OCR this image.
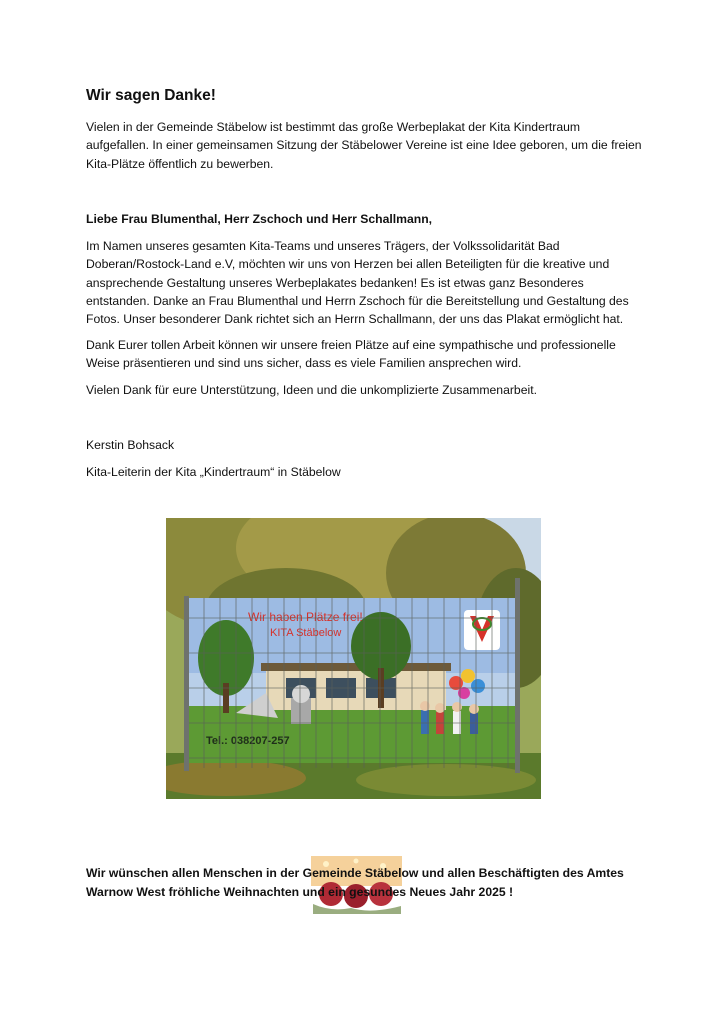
Wir sagen Danke!

Vielen in der Gemeinde Stäbelow ist bestimmt das große Werbeplakat der Kita Kindertraum aufgefallen. In einer gemeinsamen Sitzung der Stäbelower Vereine ist eine Idee geboren, um die freien Kita-Plätze öffentlich zu bewerben.

Liebe Frau Blumenthal, Herr Zschoch und Herr Schallmann,

Im Namen unseres gesamten Kita-Teams und unseres Trägers, der Volkssolidarität Bad Doberan/Rostock-Land e.V, möchten wir uns von Herzen bei allen Beteiligten für die kreative und ansprechende Gestaltung unseres Werbeplakates bedanken! Es ist etwas ganz Besonderes entstanden. Danke an Frau Blumenthal und Herrn Zschoch für die Bereitstellung und Gestaltung des Fotos. Unser besonderer Dank richtet sich an Herrn Schallmann, der uns das Plakat ermöglicht hat.

Dank Eurer tollen Arbeit können wir unsere freien Plätze auf eine sympathische und professionelle Weise präsentieren und sind uns sicher, dass es viele Familien ansprechen wird.

Vielen Dank für eure Unterstützung, Ideen und die unkomplizierte Zusammenarbeit.

Kerstin Bohsack

Kita-Leiterin der Kita „Kindertraum“ in Stäbelow

Wir haben Plätze frei!
KITA Stäbelow
Tel.: 038207-257

Wir wünschen allen Menschen in der Gemeinde Stäbelow und allen Beschäftigten des Amtes Warnow West fröhliche Weihnachten und ein gesundes Neues Jahr 2025 !
